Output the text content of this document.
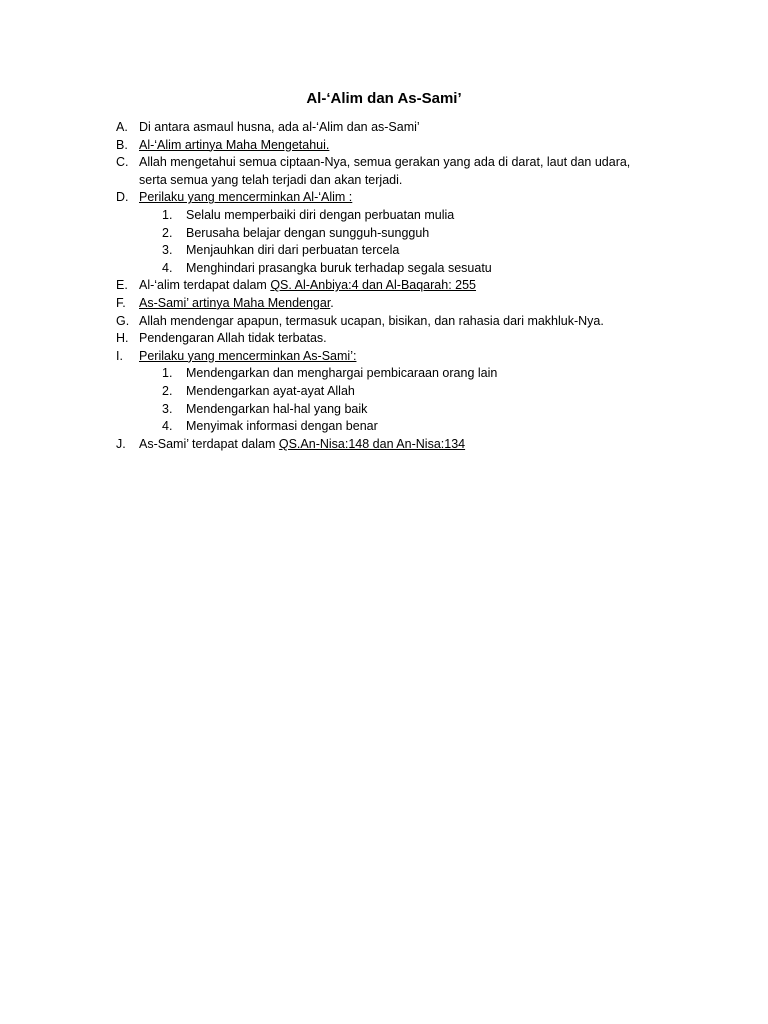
Al-‘Alim dan As-Sami’
A. Di antara asmaul husna, ada al-‘Alim dan as-Sami’
B. Al-‘Alim artinya Maha Mengetahui.
C. Allah mengetahui semua ciptaan-Nya, semua gerakan yang ada di darat, laut dan udara,
serta semua yang telah terjadi dan akan terjadi.
D. Perilaku yang mencerminkan Al-‘Alim :
1.	Selalu memperbaiki diri dengan perbuatan mulia
2.	Berusaha belajar dengan sungguh-sungguh
3.	Menjauhkan diri dari perbuatan tercela
4.	Menghindari prasangka buruk terhadap segala sesuatu
E. Al-‘alim terdapat dalam QS. Al-Anbiya:4 dan Al-Baqarah: 255
F.	As-Sami’ artinya Maha Mendengar.
G. Allah mendengar apapun, termasuk ucapan, bisikan, dan rahasia dari makhluk-Nya.
H. Pendengaran Allah tidak terbatas.
I.	Perilaku yang mencerminkan As-Sami’:
1.	Mendengarkan dan menghargai pembicaraan orang lain
2.	Mendengarkan ayat-ayat Allah
3.	Mendengarkan hal-hal yang baik
4.	Menyimak informasi dengan benar
J.	As-Sami’ terdapat dalam QS.An-Nisa:148 dan An-Nisa:134
